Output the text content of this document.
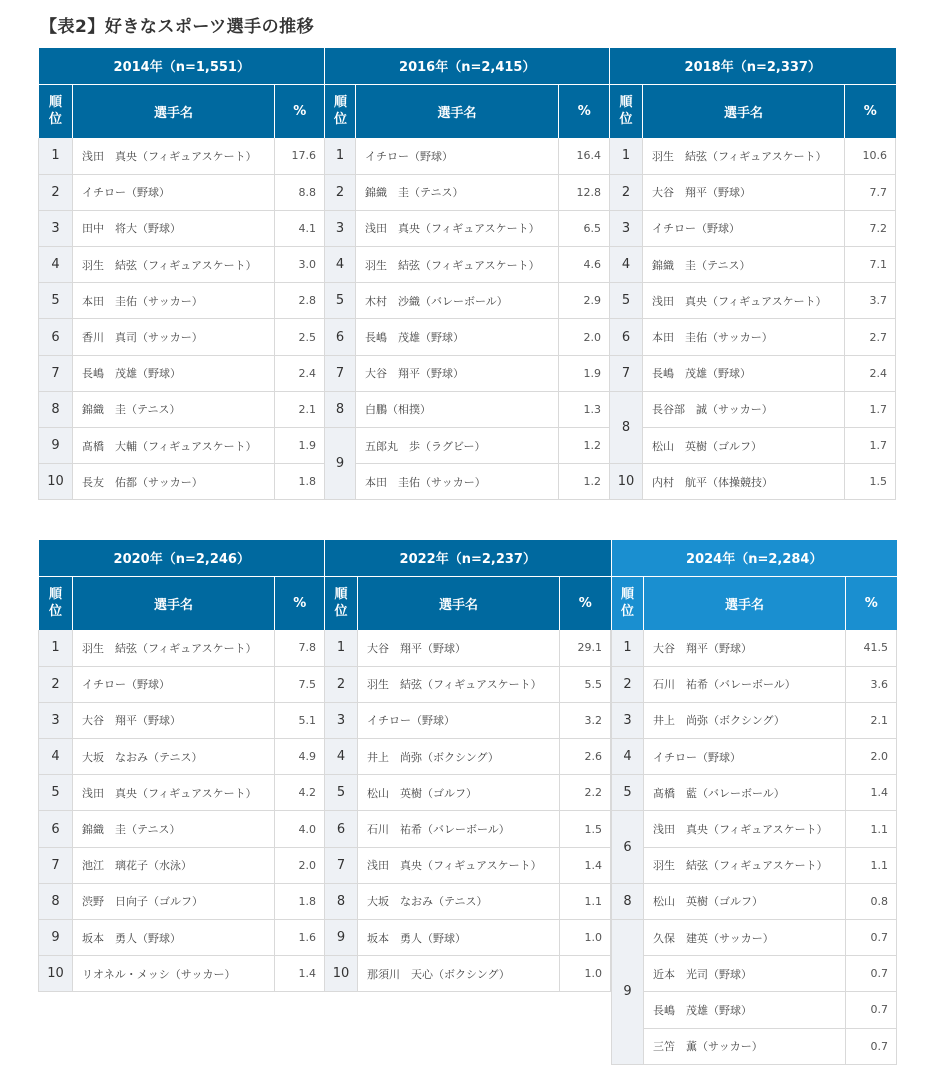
【表2】好きなスポーツ選手の推移
2014年（n=1,551）		
順位	選手名	%
1	浅田　真央（フィギュアスケート）	17.6
2	イチロー（野球）	8.8
3	田中　将大（野球）	4.1
4	羽生　結弦（フィギュアスケート）	3.0
5	本田　圭佑（サッカー）	2.8
6	香川　真司（サッカー）	2.5
7	長嶋　茂雄（野球）	2.4
8	錦織　圭（テニス）	2.1
9	髙橋　大輔（フィギュアスケート）	1.9
10	長友　佑都（サッカー）	1.8
2016年（n=2,415）		
順位	選手名	%
1	イチロー（野球）	16.4
2	錦織　圭（テニス）	12.8
3	浅田　真央（フィギュアスケート）	6.5
4	羽生　結弦（フィギュアスケート）	4.6
5	木村　沙織（バレーボール）	2.9
6	長嶋　茂雄（野球）	2.0
7	大谷　翔平（野球）	1.9
8	白鵬（相撲）	1.3
9	五郎丸　歩（ラグビー）	1.2
	本田　圭佑（サッカー）	1.2
2018年（n=2,337）		
順位	選手名	%
1	羽生　結弦（フィギュアスケート）	10.6
2	大谷　翔平（野球）	7.7
3	イチロー（野球）	7.2
4	錦織　圭（テニス）	7.1
5	浅田　真央（フィギュアスケート）	3.7
6	本田　圭佑（サッカー）	2.7
7	長嶋　茂雄（野球）	2.4
8	長谷部　誠（サッカー）	1.7
	松山　英樹（ゴルフ）	1.7
10	内村　航平（体操競技）	1.5
2020年（n=2,246）		
順位	選手名	%
1	羽生　結弦（フィギュアスケート）	7.8
2	イチロー（野球）	7.5
3	大谷　翔平（野球）	5.1
4	大坂　なおみ（テニス）	4.9
5	浅田　真央（フィギュアスケート）	4.2
6	錦織　圭（テニス）	4.0
7	池江　璃花子（水泳）	2.0
8	渋野　日向子（ゴルフ）	1.8
9	坂本　勇人（野球）	1.6
10	リオネル・メッシ（サッカー）	1.4
2022年（n=2,237）		
順位	選手名	%
1	大谷　翔平（野球）	29.1
2	羽生　結弦（フィギュアスケート）	5.5
3	イチロー（野球）	3.2
4	井上　尚弥（ボクシング）	2.6
5	松山　英樹（ゴルフ）	2.2
6	石川　祐希（バレーボール）	1.5
7	浅田　真央（フィギュアスケート）	1.4
8	大坂　なおみ（テニス）	1.1
9	坂本　勇人（野球）	1.0
10	那須川　天心（ボクシング）	1.0
2024年（n=2,284）		
順位	選手名	%
1	大谷　翔平（野球）	41.5
2	石川　祐希（バレーボール）	3.6
3	井上　尚弥（ボクシング）	2.1
4	イチロー（野球）	2.0
5	髙橋　藍（バレーボール）	1.4
6	浅田　真央（フィギュアスケート）	1.1
	羽生　結弦（フィギュアスケート）	1.1
8	松山　英樹（ゴルフ）	0.8
9	久保　建英（サッカー）	0.7
	近本　光司（野球）	0.7
	長嶋　茂雄（野球）	0.7
	三笘　薫（サッカー）	0.7
